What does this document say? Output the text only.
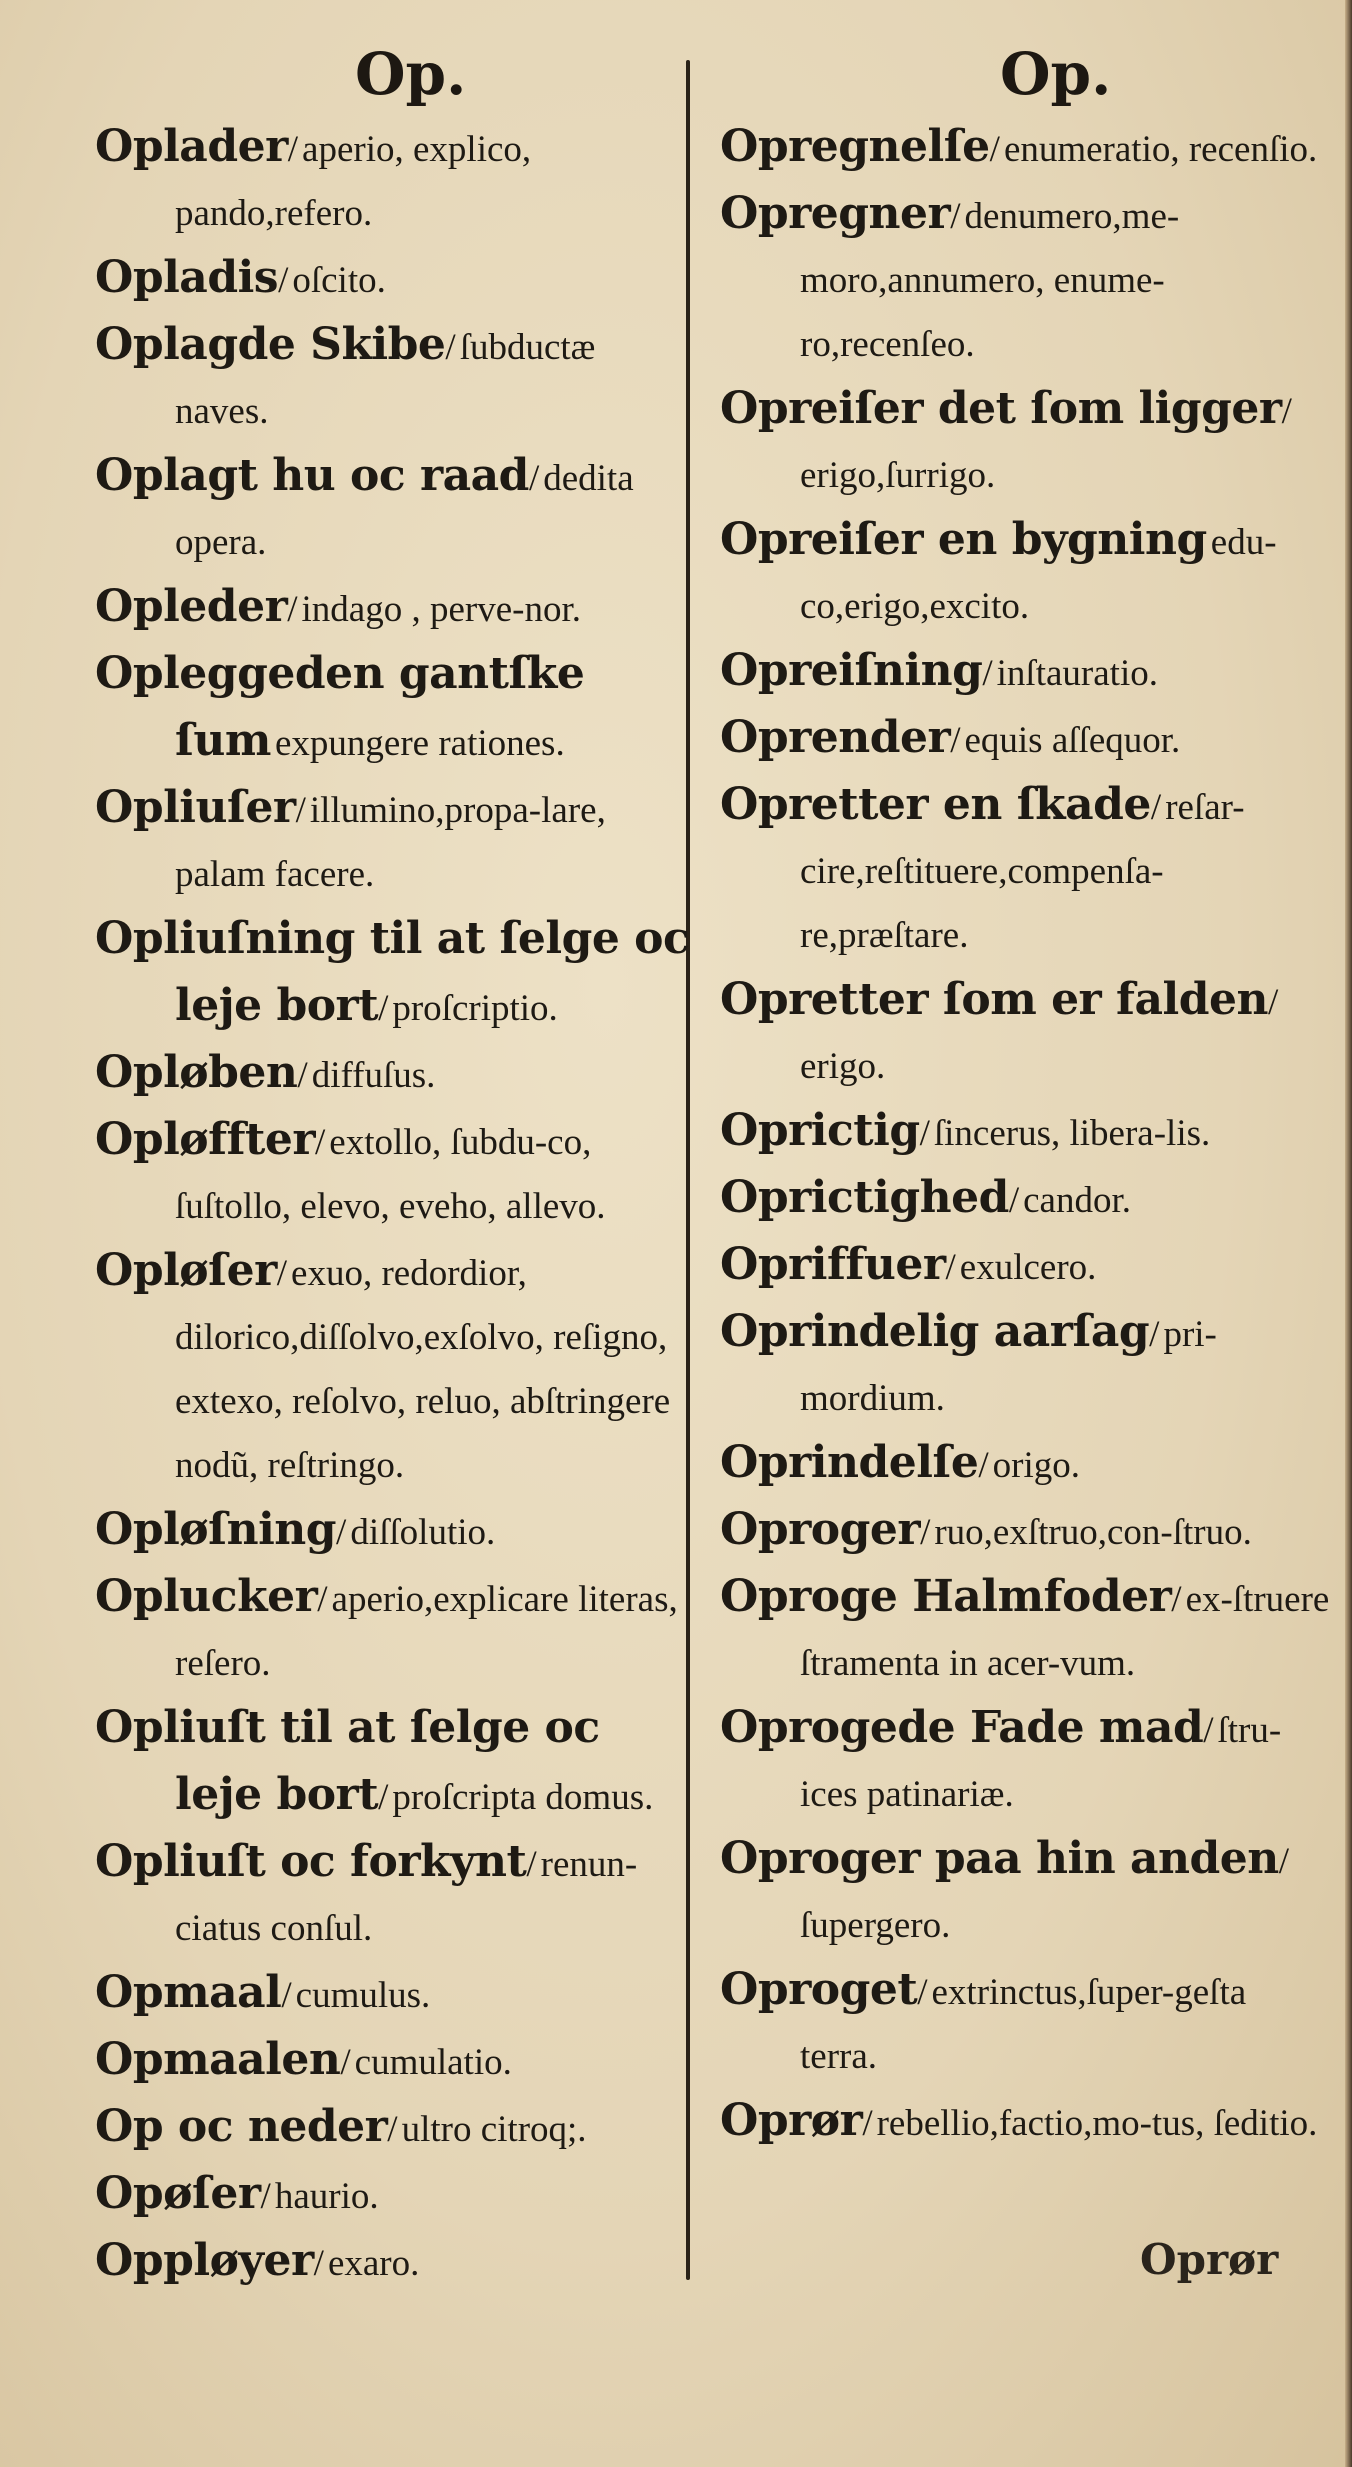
Op.	Op.

Oplader/ aperio, explico, pando,refero.

Opladis/ oſcito.

Oplagde Skibe/ ſubductæ naves.

Oplagt hu oc raad/ dedita opera.

Opleder/ indago , perve-nor.

Opleggeden gantſke ſum expungere rationes.

Opliuſer/ illumino,propa-lare, palam facere.

Opliuſning til at ſelge oc leje bort/ proſcriptio.

Opløben/ diffuſus.

Opløffter/ extollo, ſubdu-co, ſuſtollo, elevo, eveho, allevo.

Opløſer/ exuo, redordior, dilorico,diſſolvo,exſolvo, reſigno, extexo, reſolvo, reluo, abſtringere nodũ, reſtringo.

Opløſning/ diſſolutio.

Oplucker/ aperio,explicare literas, reſero.

Opliuſt til at ſelge oc leje bort/ proſcripta domus.

Opliuſt oc forkynt/ renun-ciatus conſul.

Opmaal/ cumulus.

Opmaalen/ cumulatio.

Op oc neder/ ultro citroq;.

Opøſer/ haurio.

Oppløyer/ exaro.

Opregnelſe/ enumeratio, recenſio.

Opregner/ denumero,me-moro,annumero, enume-ro,recenſeo.

Opreiſer det ſom ligger/ erigo,ſurrigo.

Opreiſer en bygning edu-co,erigo,excito.

Opreiſning/ inſtauratio.

Oprender/ equis aſſequor.

Opretter en ſkade/ reſar-cire,reſtituere,compenſa-re,præſtare.

Opretter ſom er falden/ erigo.

Oprictig/ ſincerus, libera-lis.

Oprictighed/ candor.

Opriffuer/ exulcero.

Oprindelig aarſag/ pri-mordium.

Oprindelſe/ origo.

Oproger/ ruo,exſtruo,con-ſtruo.

Oproge Halmfoder/ ex-ſtruere ſtramenta in acer-vum.

Oprogede Fade mad/ ſtru-ices patinariæ.

Oproger paa hin anden/ ſupergero.

Oproget/ extrinctus,ſuper-geſta terra.

Oprør/ rebellio,factio,mo-tus, ſeditio.

Oprør
